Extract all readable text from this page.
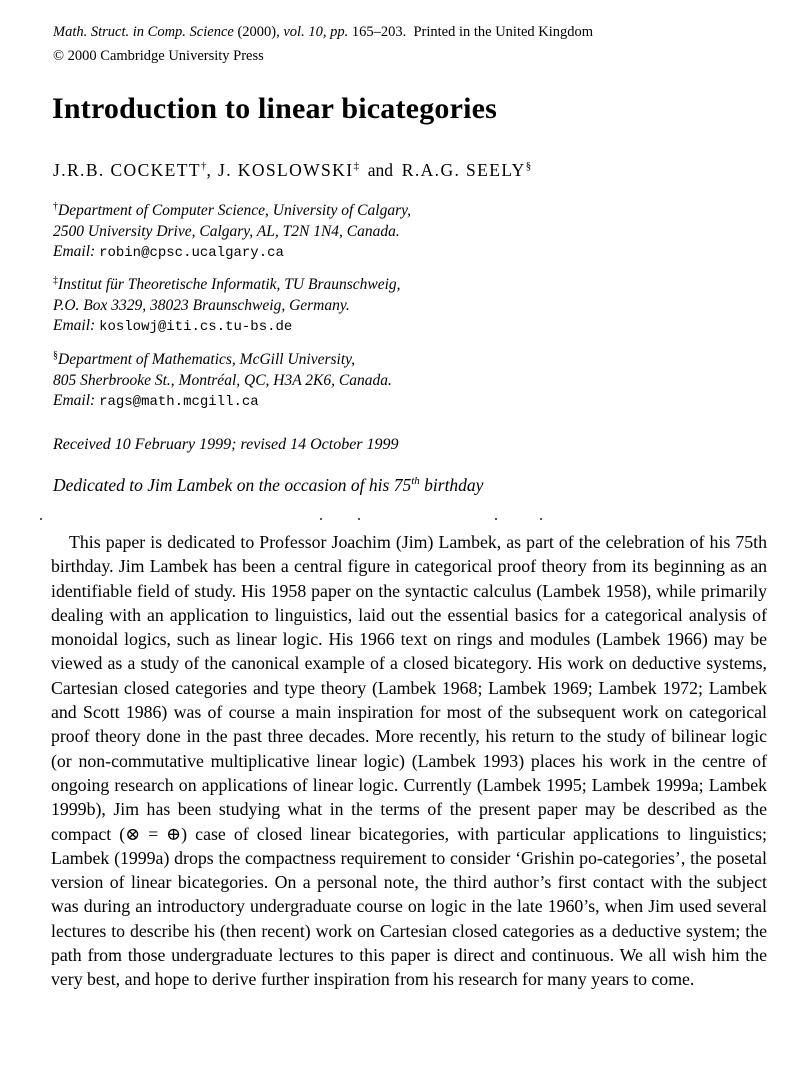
Math. Struct. in Comp. Science (2000), vol. 10, pp. 165–203. Printed in the United Kingdom
© 2000 Cambridge University Press
Introduction to linear bicategories
J.R.B. COCKETT†, J. KOSLOWSKI‡ and R.A.G. SEELY§
†Department of Computer Science, University of Calgary,
2500 University Drive, Calgary, AL, T2N 1N4, Canada.
Email: robin@cpsc.ucalgary.ca
‡Institut für Theoretische Informatik, TU Braunschweig,
P.O. Box 3329, 38023 Braunschweig, Germany.
Email: koslowj@iti.cs.tu-bs.de
§Department of Mathematics, McGill University,
805 Sherbrooke St., Montréal, QC, H3A 2K6, Canada.
Email: rags@math.mcgill.ca
Received 10 February 1999; revised 14 October 1999
Dedicated to Jim Lambek on the occasion of his 75th birthday

This paper is dedicated to Professor Joachim (Jim) Lambek, as part of the celebration of his 75th birthday. Jim Lambek has been a central figure in categorical proof theory from its beginning as an identifiable field of study. His 1958 paper on the syntactic calculus (Lambek 1958), while primarily dealing with an application to linguistics, laid out the essential basics for a categorical analysis of monoidal logics, such as linear logic. His 1966 text on rings and modules (Lambek 1966) may be viewed as a study of the canonical example of a closed bicategory. His work on deductive systems, Cartesian closed categories and type theory (Lambek 1968; Lambek 1969; Lambek 1972; Lambek and Scott 1986) was of course a main inspiration for most of the subsequent work on categorical proof theory done in the past three decades. More recently, his return to the study of bilinear logic (or non-commutative multiplicative linear logic) (Lambek 1993) places his work in the centre of ongoing research on applications of linear logic. Currently (Lambek 1995; Lambek 1999a; Lambek 1999b), Jim has been studying what in the terms of the present paper may be described as the compact (⊗ = ⊕) case of closed linear bicategories, with particular applications to linguistics; Lambek (1999a) drops the compactness requirement to consider ‘Grishin po-categories’, the posetal version of linear bicategories. On a personal note, the third author’s first contact with the subject was during an introductory undergraduate course on logic in the late 1960’s, when Jim used several lectures to describe his (then recent) work on Cartesian closed categories as a deductive system; the path from those undergraduate lectures to this paper is direct and continuous. We all wish him the very best, and hope to derive further inspiration from his research for many years to come.
